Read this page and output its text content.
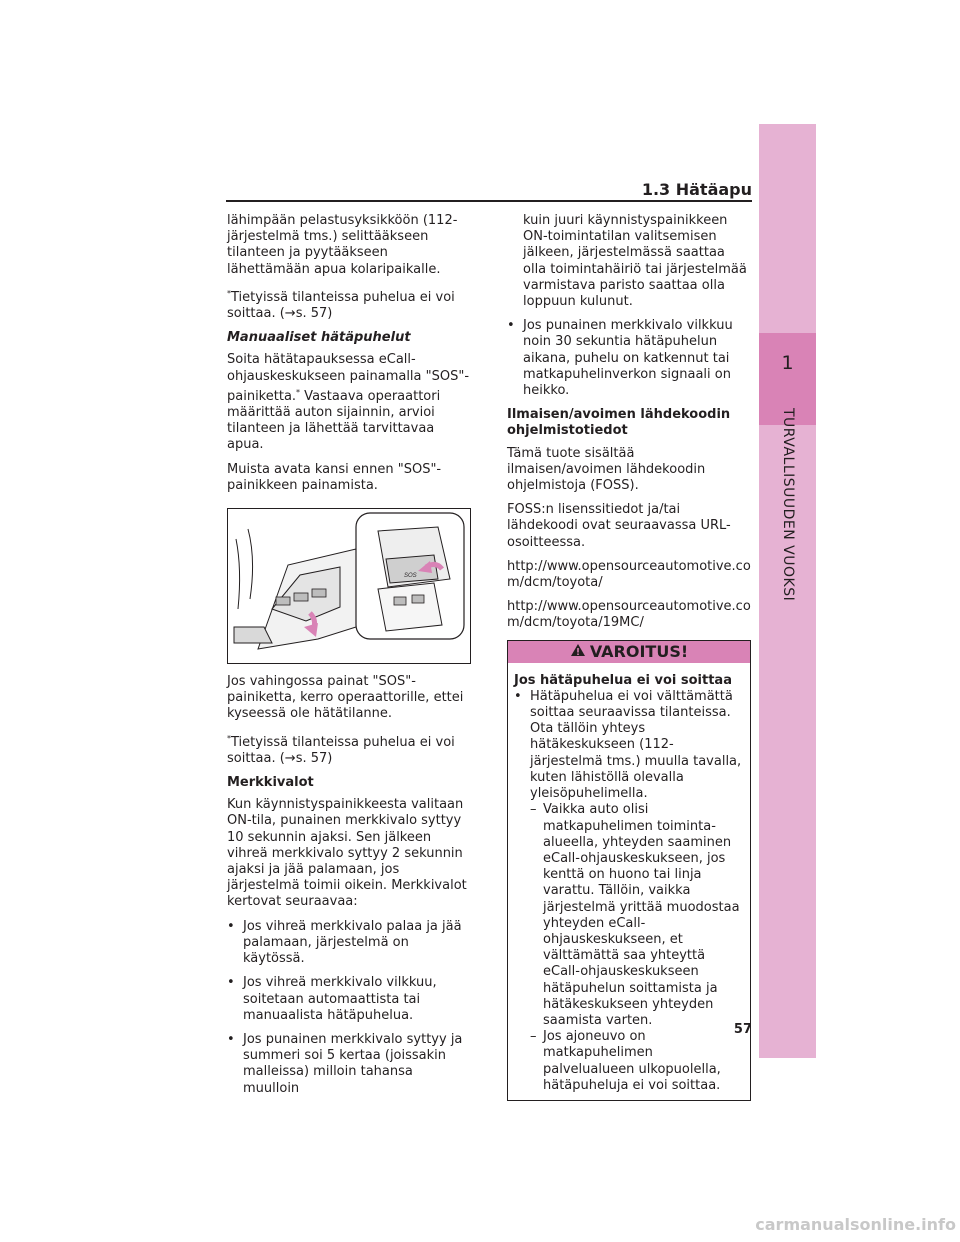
1
TURVALLISUUDEN VUOKSI
1.3 Hätäapu
lähimpään pelastusyksikköön (112-järjestelmä tms.) selittääkseen tilanteen ja pyytääkseen lähettämään apua kolaripaikalle.
*Tietyissä tilanteissa puhelua ei voi soittaa. (→s. 57)
Manuaaliset hätäpuhelut
Soita hätätapauksessa eCall-ohjauskeskukseen painamalla "SOS"-painiketta.* Vastaava operaattori määrittää auton sijainnin, arvioi tilanteen ja lähettää tarvittavaa apua.
Muista avata kansi ennen "SOS"-painikkeen painamista.
SOS
Jos vahingossa painat "SOS"-painiketta, kerro operaattorille, ettei kyseessä ole hätätilanne.
*Tietyissä tilanteissa puhelua ei voi soittaa. (→s. 57)
Merkkivalot
Kun käynnistyspainikkeesta valitaan ON-tila, punainen merkkivalo syttyy 10 sekunnin ajaksi. Sen jälkeen vihreä merkkivalo syttyy 2 sekunnin ajaksi ja jää palamaan, jos järjestelmä toimii oikein. Merkkivalot kertovat seuraavaa:
• Jos vihreä merkkivalo palaa ja jää palamaan, järjestelmä on käytössä.
• Jos vihreä merkkivalo vilkkuu, soitetaan automaattista tai manuaalista hätäpuhelua.
• Jos punainen merkkivalo syttyy ja summeri soi 5 kertaa (joissakin malleissa) milloin tahansa muulloin
kuin juuri käynnistyspainikkeen ON-toimintatilan valitsemisen jälkeen, järjestelmässä saattaa olla toimintahäiriö tai järjestelmää varmistava paristo saattaa olla loppuun kulunut.
• Jos punainen merkkivalo vilkkuu noin 30 sekuntia hätäpuhelun aikana, puhelu on katkennut tai matkapuhelinverkon signaali on heikko.
Ilmaisen/avoimen lähdekoodin ohjelmistotiedot
Tämä tuote sisältää ilmaisen/avoimen lähdekoodin ohjelmistoja (FOSS).
FOSS:n lisenssitiedot ja/tai lähdekoodi ovat seuraavassa URL-osoitteessa.
http://www.opensourceautomotive.com/dcm/toyota/
http://www.opensourceautomotive.com/dcm/toyota/19MC/
VAROITUS!
Jos hätäpuhelua ei voi soittaa
• Hätäpuhelua ei voi välttämättä soittaa seuraavissa tilanteissa. Ota tällöin yhteys hätäkeskukseen (112-järjestelmä tms.) muulla tavalla, kuten lähistöllä olevalla yleisöpuhelimella.
– Vaikka auto olisi matkapuhelimen toiminta-alueella, yhteyden saaminen eCall-ohjauskeskukseen, jos kenttä on huono tai linja varattu. Tällöin, vaikka järjestelmä yrittää muodostaa yhteyden eCall-ohjauskeskukseen, et välttämättä saa yhteyttä eCall-ohjauskeskukseen hätäpuhelun soittamista ja hätäkeskukseen yhteyden saamista varten.
– Jos ajoneuvo on matkapuhelimen palvelualueen ulkopuolella, hätäpuheluja ei voi soittaa.
57
carmanualsonline.info
